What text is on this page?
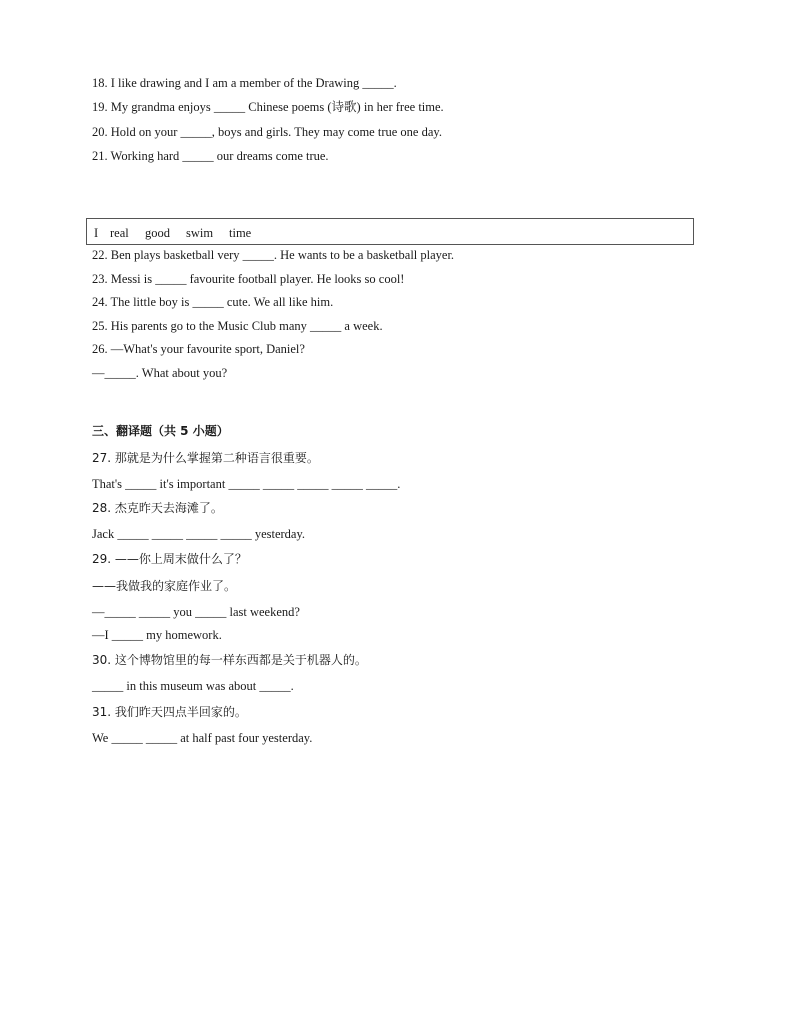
18. I like drawing and I am a member of the Drawing _____.
19. My grandma enjoys _____ Chinese poems (诗歌) in her free time.
20. Hold on your _____, boys and girls. They may come true one day.
21. Working hard _____ our dreams come true.
I real good swim time
22. Ben plays basketball very _____. He wants to be a basketball player.
23. Messi is _____ favourite football player. He looks so cool!
24. The little boy is _____ cute. We all like him.
25. His parents go to the Music Club many _____ a week.
26. —What's your favourite sport, Daniel?
—_____. What about you?
三、翻译题（共 5 小题）
27. 那就是为什么掌握第二种语言很重要。
That's _____ it's important _____ _____ _____ _____ _____.
28. 杰克昨天去海滩了。
Jack _____ _____ _____ _____ yesterday.
29. ——你上周末做什么了？
——我做我的家庭作业了。
—_____ _____ you _____ last weekend?
—I _____ my homework.
30. 这个博物馆里的每一样东西都是关于机器人的。
_____ in this museum was about _____.
31. 我们昨天四点半回家的。
We _____ _____ at half past four yesterday.
